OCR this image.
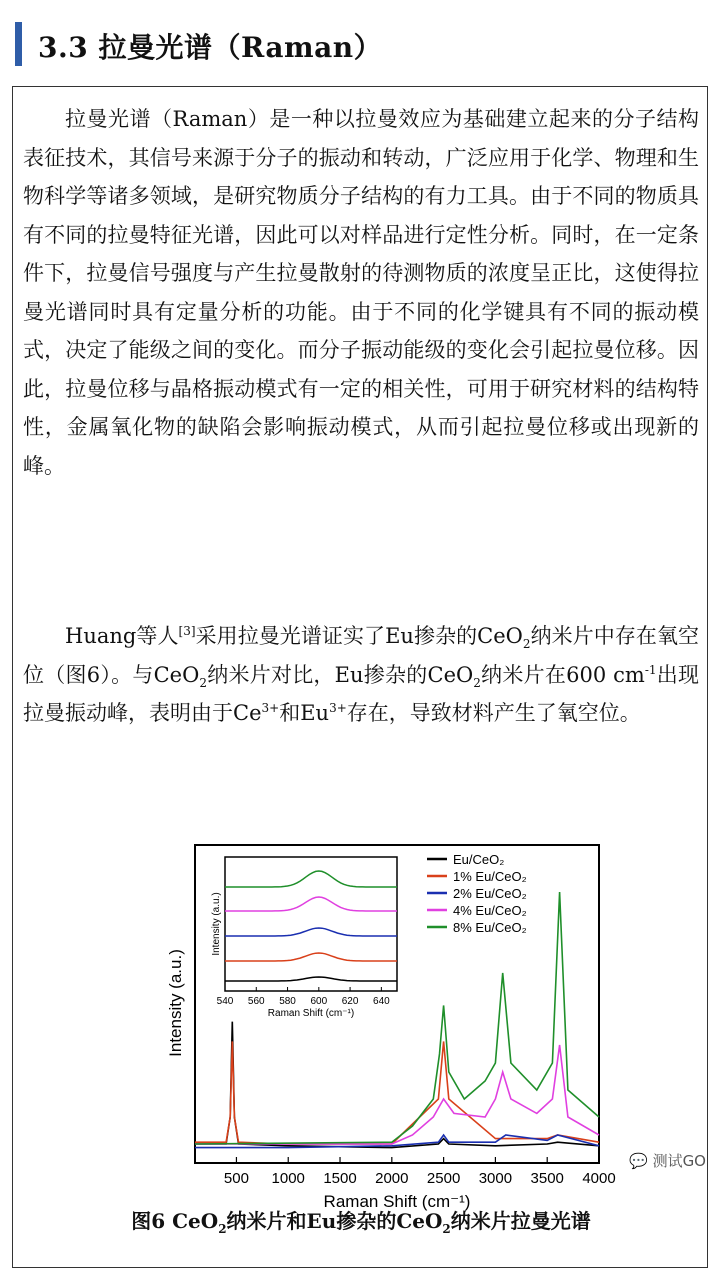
3.3 拉曼光谱（Raman）

拉曼光谱（Raman）是一种以拉曼效应为基础建立起来的分子结构表征技术，其信号来源于分子的振动和转动，广泛应用于化学、物理和生物科学等诸多领域，是研究物质分子结构的有力工具。由于不同的物质具有不同的拉曼特征光谱，因此可以对样品进行定性分析。同时，在一定条件下，拉曼信号强度与产生拉曼散射的待测物质的浓度呈正比，这使得拉曼光谱同时具有定量分析的功能。由于不同的化学键具有不同的振动模式，决定了能级之间的变化。而分子振动能级的变化会引起拉曼位移。因此，拉曼位移与晶格振动模式有一定的相关性，可用于研究材料的结构特性，金属氧化物的缺陷会影响振动模式，从而引起拉曼位移或出现新的峰。

Huang等人[3]采用拉曼光谱证实了Eu掺杂的CeO$_2$纳米片中存在氧空位（图6）。与CeO$_2$纳米片对比，Eu掺杂的CeO$_2$纳米片在600 $cm^{-1}$出现拉曼振动峰，表明由于$Ce^{3+}$和$Eu^{3+}$存在，导致材料产生了氧空位。

500 1000 1500 2000 2500 3000 3500 4000
Raman Shift (cm⁻¹)
Intensity (a.u.)
Eu/CeO₂
1% Eu/CeO₂
2% Eu/CeO₂
4% Eu/CeO₂
8% Eu/CeO₂
540 560 580 600 620 640
Raman Shift (cm⁻¹)
Intensity (a.u.)
图6 CeO$_2$纳米片和Eu掺杂的CeO$_2$纳米片拉曼光谱
💬 测试GO
